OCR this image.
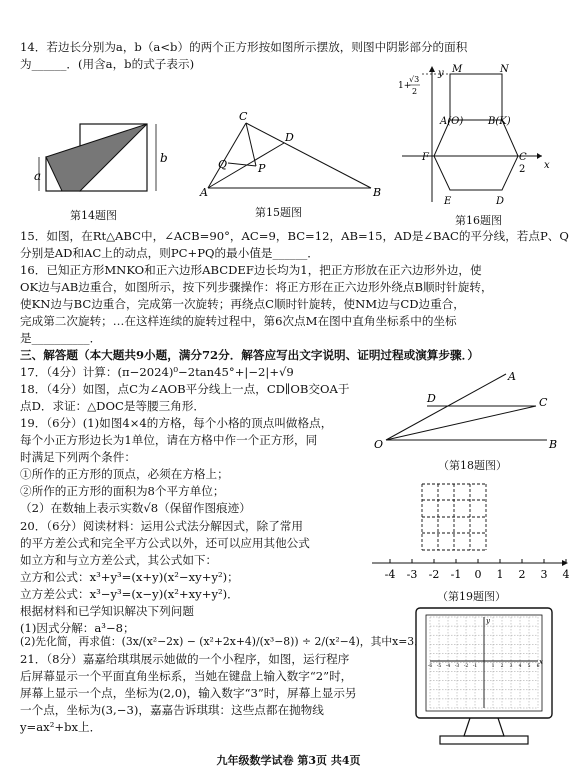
14．若边长分别为a，b（a<b）的两个正方形按如图所示摆放，则图中阴影部分的面积
为______．(用含a，b的式子表示)
b
a
第14题图
C
D
Q	P
A	B
第15题图
y
x
M	N
A(O) B(K)
F	C
2
E	D
1+
√3
2
第16题图
15．如图，在Rt△ABC中，∠ACB=90°，AC=9，BC=12，AB=15，AD是∠BAC的平分线，若点P、Q
分别是AD和AC上的动点，则PC+PQ的最小值是______．
16．已知正方形MNKO和正六边形ABCDEF边长均为1，把正方形放在正六边形外边，使
OK边与AB边重合，如图所示，按下列步骤操作：将正方形在正六边形外绕点B顺时针旋转，
使KN边与BC边重合，完成第一次旋转；再绕点C顺时针旋转，使NM边与CD边重合，
完成第二次旋转；…在这样连续的旋转过程中，第6次点M在图中直角坐标系中的坐标
是__________．
三、解答题（本大题共9小题，满分72分．解答应写出文字说明、证明过程或演算步骤．）
17．（4分）计算：(π−2024)⁰−2tan45°+|−2|+√9
18．（4分）如图，点C为∠AOB平分线上一点，CD∥OB交OA于
点D．求证：△DOC是等腰三角形．
19．（6分）(1)如图4×4的方格，每个小格的顶点叫做格点，
每个小正方形边长为1单位，请在方格中作一个正方形，同
时满足下列两个条件：
①所作的正方形的顶点，必须在方格上；
②所作的正方形的面积为8个平方单位；
（2）在数轴上表示实数√8（保留作图痕迹）
20．（6分）阅读材料：运用公式法分解因式，除了常用
的平方差公式和完全平方公式以外，还可以应用其他公式
如立方和与立方差公式，其公式如下：
立方和公式：x³+y³=(x+y)(x²−xy+y²)；
立方差公式：x³−y³=(x−y)(x²+xy+y²)．
根据材料和已学知识解决下列问题
(1)因式分解：a³−8；
(2)先化简，再求值：(3x/(x²−2x) − (x²+2x+4)/(x³−8)) ÷ 2/(x²−4)，其中x=3．
21．（8分）嘉嘉给琪琪展示她做的一个小程序，如图，运行程序
后屏幕显示一个平面直角坐标系，当她在键盘上输入数字“2”时，
屏幕上显示一个点，坐标为(2,0)，输入数字“3”时，屏幕上显示另
一个点，坐标为(3,−3)，嘉嘉告诉琪琪：这些点都在抛物线
y=ax²+bx上．
A
D	C
O	B
（第18题图）
-4 -3 -2 -1 0 1 2 3 4
（第19题图）
x
y
-6 -5 -4 -3 -2 -1	1 2 3 4 5 6
九年级数学试卷 第3页 共4页
